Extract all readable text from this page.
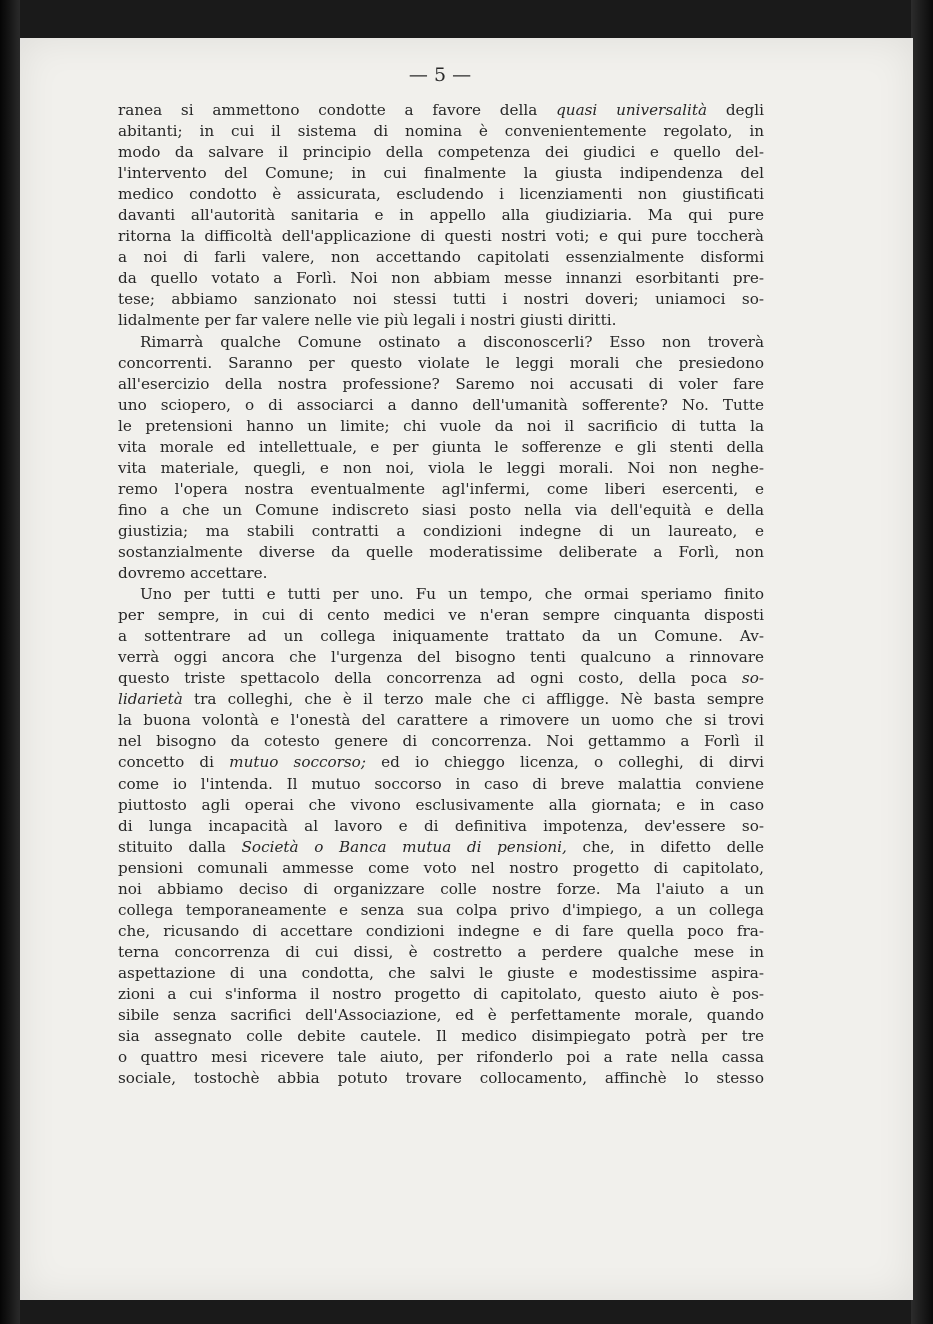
— 5 —
ranea si ammettono condotte a favore della quasi universalità degli
abitanti; in cui il sistema di nomina è convenientemente regolato, in
modo da salvare il principio della competenza dei giudici e quello del-
l'intervento del Comune; in cui finalmente la giusta indipendenza del
medico condotto è assicurata, escludendo i licenziamenti non giustificati
davanti all'autorità sanitaria e in appello alla giudiziaria. Ma qui pure
ritorna la difficoltà dell'applicazione di questi nostri voti; e qui pure toccherà
a noi di farli valere, non accettando capitolati essenzialmente disformi
da quello votato a Forlì. Noi non abbiam messe innanzi esorbitanti pre-
tese; abbiamo sanzionato noi stessi tutti i nostri doveri; uniamoci so-
lidalmente per far valere nelle vie più legali i nostri giusti diritti.
Rimarrà qualche Comune ostinato a disconoscerli? Esso non troverà
concorrenti. Saranno per questo violate le leggi morali che presiedono
all'esercizio della nostra professione? Saremo noi accusati di voler fare
uno sciopero, o di associarci a danno dell'umanità sofferente? No. Tutte
le pretensioni hanno un limite; chi vuole da noi il sacrificio di tutta la
vita morale ed intellettuale, e per giunta le sofferenze e gli stenti della
vita materiale, quegli, e non noi, viola le leggi morali. Noi non neghe-
remo l'opera nostra eventualmente agl'infermi, come liberi esercenti, e
fino a che un Comune indiscreto siasi posto nella via dell'equità e della
giustizia; ma stabili contratti a condizioni indegne di un laureato, e
sostanzialmente diverse da quelle moderatissime deliberate a Forlì, non
dovremo accettare.
Uno per tutti e tutti per uno. Fu un tempo, che ormai speriamo finito
per sempre, in cui di cento medici ve n'eran sempre cinquanta disposti
a sottentrare ad un collega iniquamente trattato da un Comune. Av-
verrà oggi ancora che l'urgenza del bisogno tenti qualcuno a rinnovare
questo triste spettacolo della concorrenza ad ogni costo, della poca so-
lidarietà tra colleghi, che è il terzo male che ci affligge. Nè basta sempre
la buona volontà e l'onestà del carattere a rimovere un uomo che si trovi
nel bisogno da cotesto genere di concorrenza. Noi gettammo a Forlì il
concetto di mutuo soccorso; ed io chieggo licenza, o colleghi, di dirvi
come io l'intenda. Il mutuo soccorso in caso di breve malattia conviene
piuttosto agli operai che vivono esclusivamente alla giornata; e in caso
di lunga incapacità al lavoro e di definitiva impotenza, dev'essere so-
stituito dalla Società o Banca mutua di pensioni, che, in difetto delle
pensioni comunali ammesse come voto nel nostro progetto di capitolato,
noi abbiamo deciso di organizzare colle nostre forze. Ma l'aiuto a un
collega temporaneamente e senza sua colpa privo d'impiego, a un collega
che, ricusando di accettare condizioni indegne e di fare quella poco fra-
terna concorrenza di cui dissi, è costretto a perdere qualche mese in
aspettazione di una condotta, che salvi le giuste e modestissime aspira-
zioni a cui s'informa il nostro progetto di capitolato, questo aiuto è pos-
sibile senza sacrifici dell'Associazione, ed è perfettamente morale, quando
sia assegnato colle debite cautele. Il medico disimpiegato potrà per tre
o quattro mesi ricevere tale aiuto, per rifonderlo poi a rate nella cassa
sociale, tostochè abbia potuto trovare collocamento, affinchè lo stesso
